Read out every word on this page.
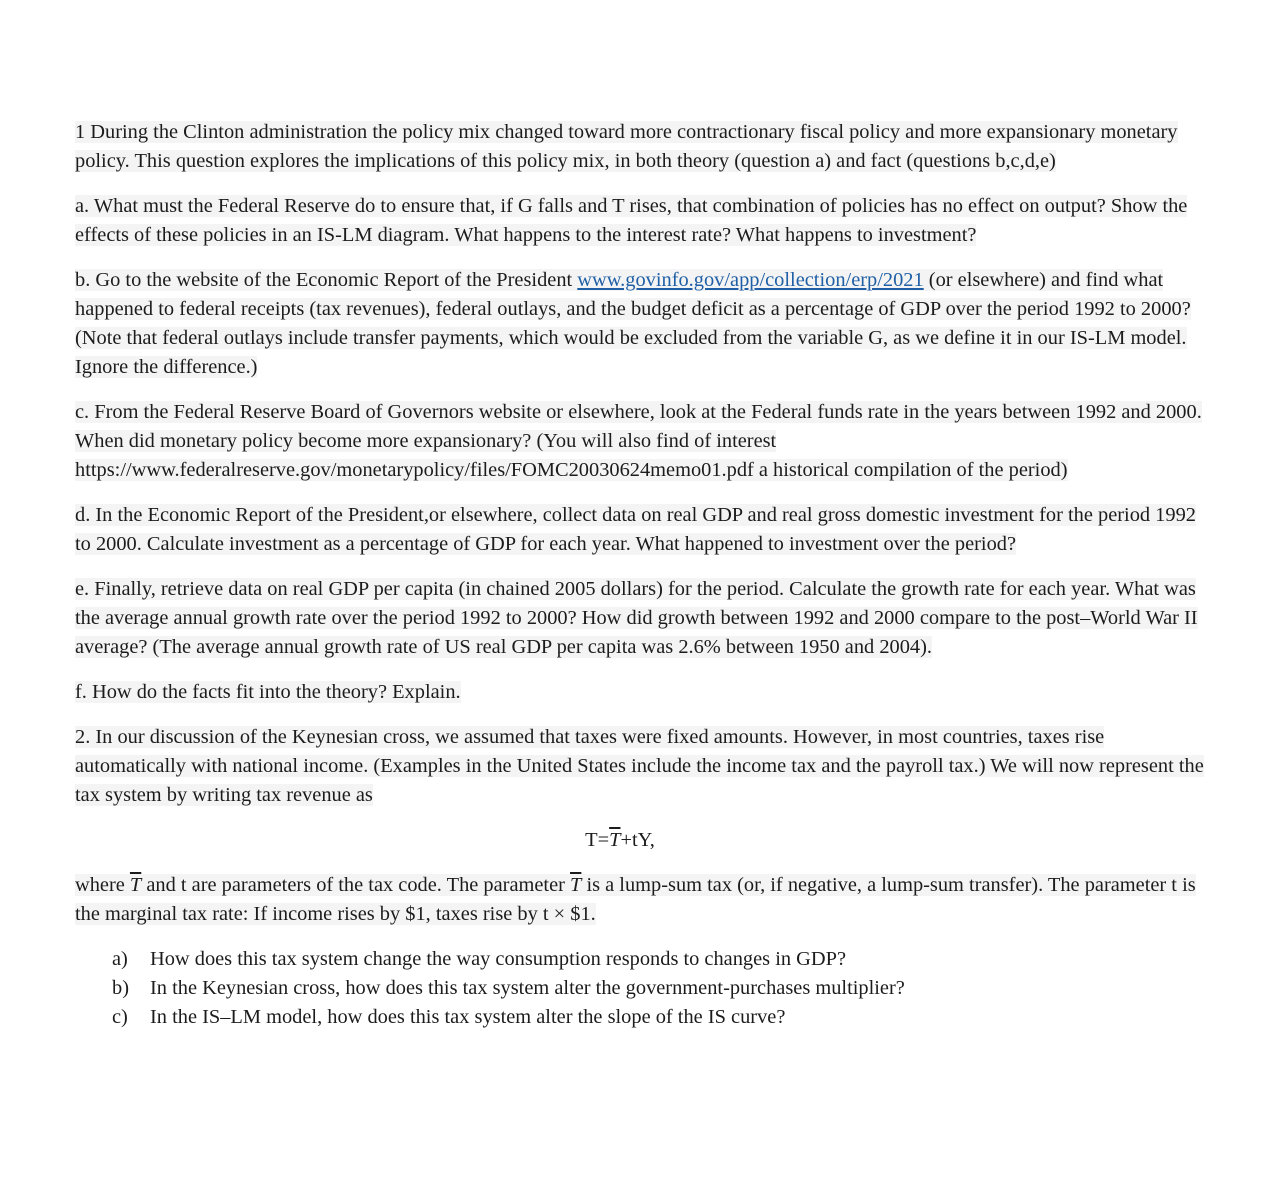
1 During the Clinton administration the policy mix changed toward more contractionary fiscal policy and more expansionary monetary policy. This question explores the implications of this policy mix, in both theory (question a) and fact (questions b,c,d,e)

a. What must the Federal Reserve do to ensure that, if G falls and T rises, that combination of policies has no effect on output? Show the effects of these policies in an IS-LM diagram. What happens to the interest rate? What happens to investment?

b. Go to the website of the Economic Report of the President www.govinfo.gov/app/collection/erp/2021 (or elsewhere) and find what happened to federal receipts (tax revenues), federal outlays, and the budget deficit as a percentage of GDP over the period 1992 to 2000? (Note that federal outlays include transfer payments, which would be excluded from the variable G, as we define it in our IS-LM model. Ignore the difference.)

c. From the Federal Reserve Board of Governors website or elsewhere, look at the Federal funds rate in the years between 1992 and 2000. When did monetary policy become more expansionary? (You will also find of interest https://www.federalreserve.gov/monetarypolicy/files/FOMC20030624memo01.pdf a historical compilation of the period)

d. In the Economic Report of the President,or elsewhere, collect data on real GDP and real gross domestic investment for the period 1992 to 2000. Calculate investment as a percentage of GDP for each year. What happened to investment over the period?

e. Finally, retrieve data on real GDP per capita (in chained 2005 dollars) for the period. Calculate the growth rate for each year. What was the average annual growth rate over the period 1992 to 2000? How did growth between 1992 and 2000 compare to the post–World War II average? (The average annual growth rate of US real GDP per capita was 2.6% between 1950 and 2004).

f. How do the facts fit into the theory? Explain.

2. In our discussion of the Keynesian cross, we assumed that taxes were fixed amounts. However, in most countries, taxes rise automatically with national income. (Examples in the United States include the income tax and the payroll tax.) We will now represent the tax system by writing tax revenue as

$T=\overline{T}+tY$,

where $\overline{T}$ and t are parameters of the tax code. The parameter $\overline{T}$ is a lump-sum tax (or, if negative, a lump-sum transfer). The parameter t is the marginal tax rate: If income rises by $1, taxes rise by t × $1.

a)	How does this tax system change the way consumption responds to changes in GDP?
b)	In the Keynesian cross, how does this tax system alter the government-purchases multiplier?
c)	In the IS–LM model, how does this tax system alter the slope of the IS curve?
